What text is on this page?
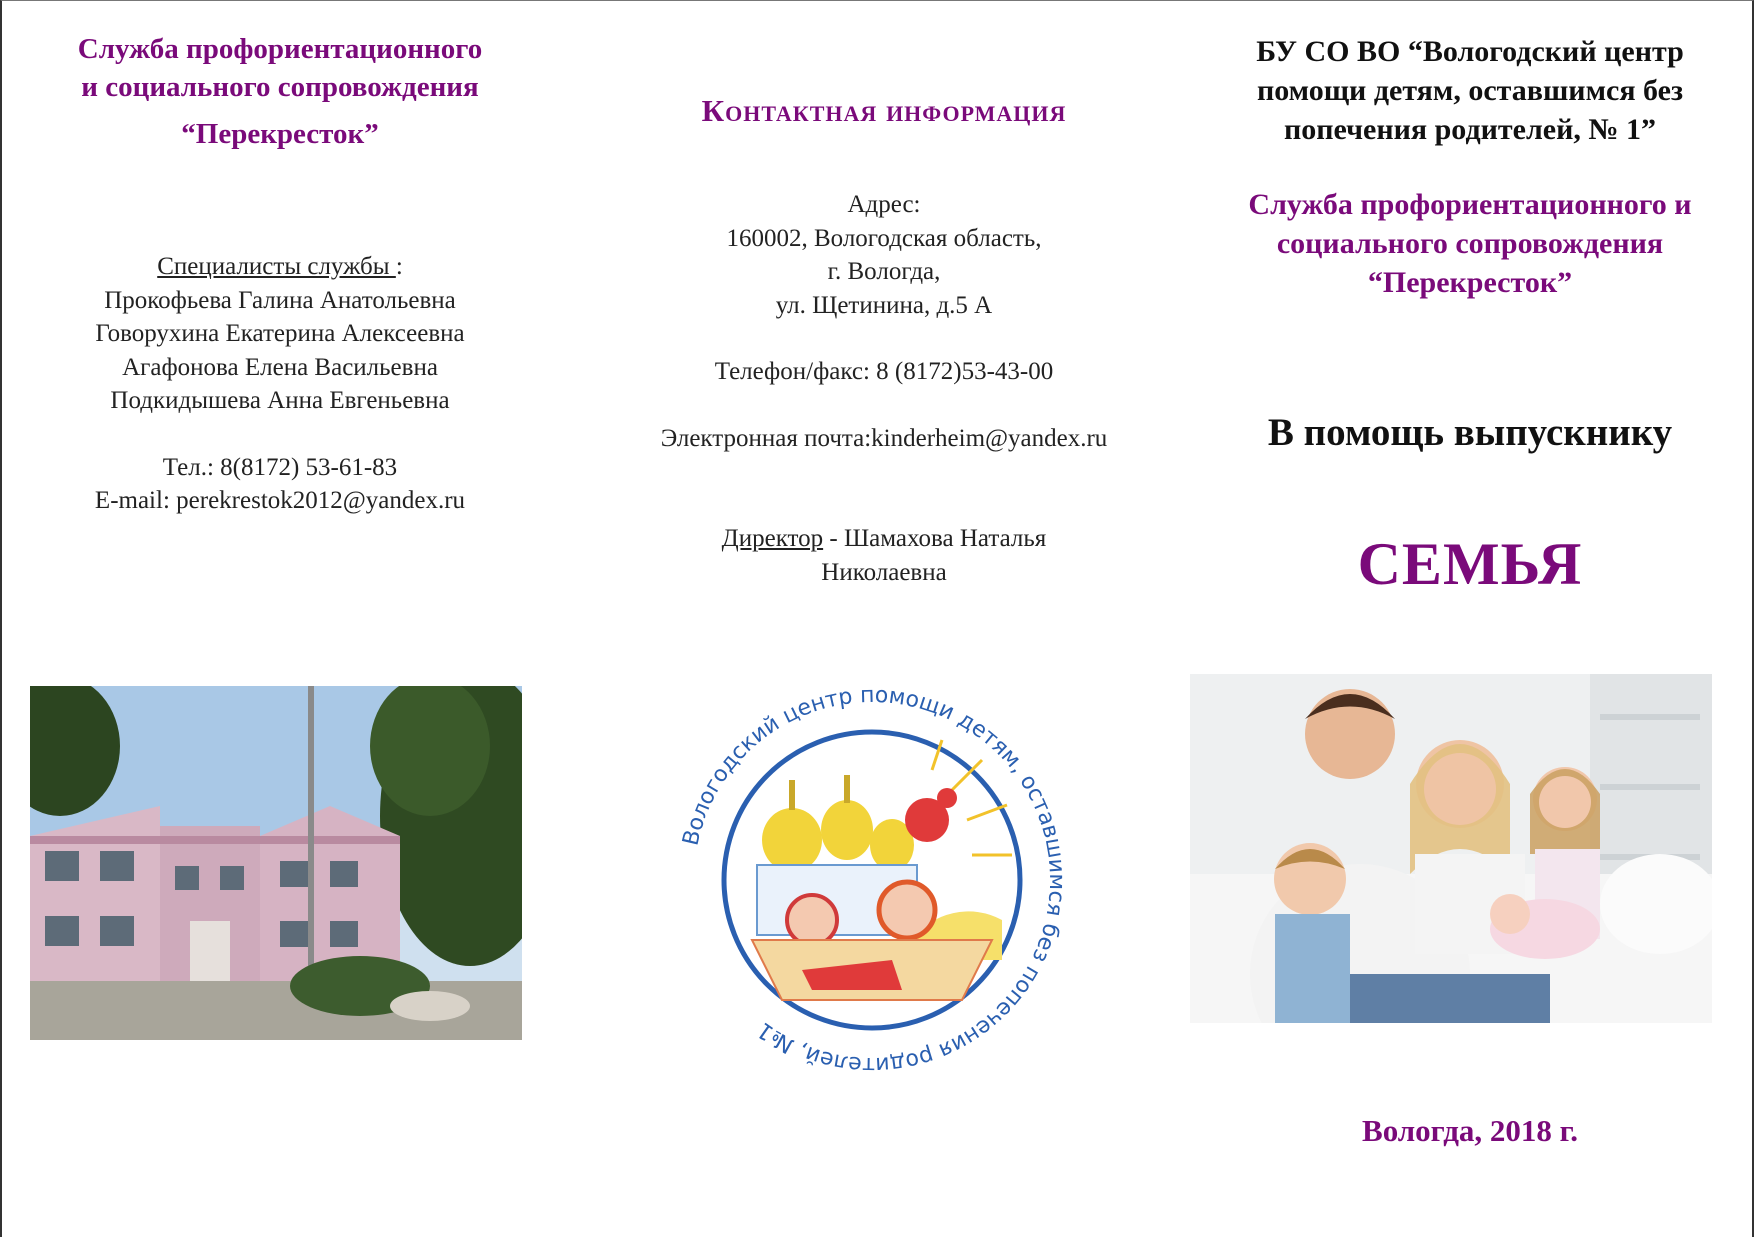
Служба профориентационного
и социального сопровождения
“Перекресток”
Специалисты службы :
Прокофьева Галина Анатольевна
Говорухина Екатерина Алексеевна
Агафонова Елена Васильевна
Подкидышева Анна Евгеньевна
Тел.: 8(8172) 53-61-83
E-mail: perekrestok2012@yandex.ru
Контактная информация
Адрес:
160002, Вологодская область,
г. Вологда,
ул. Щетинина, д.5 А
Телефон/факс: 8 (8172)53-43-00
Электронная почта:kinderheim@yandex.ru
Директор - Шамахова Наталья
Николаевна
Вологодский центр помощи детям, оставшимся без попечения родителей, №1
БУ СО ВО “Вологодский центр
помощи детям, оставшимся без
попечения родителей, № 1”
Служба профориентационного и
социального сопровождения
“Перекресток”
В помощь выпускнику
СЕМЬЯ
Вологда, 2018 г.
